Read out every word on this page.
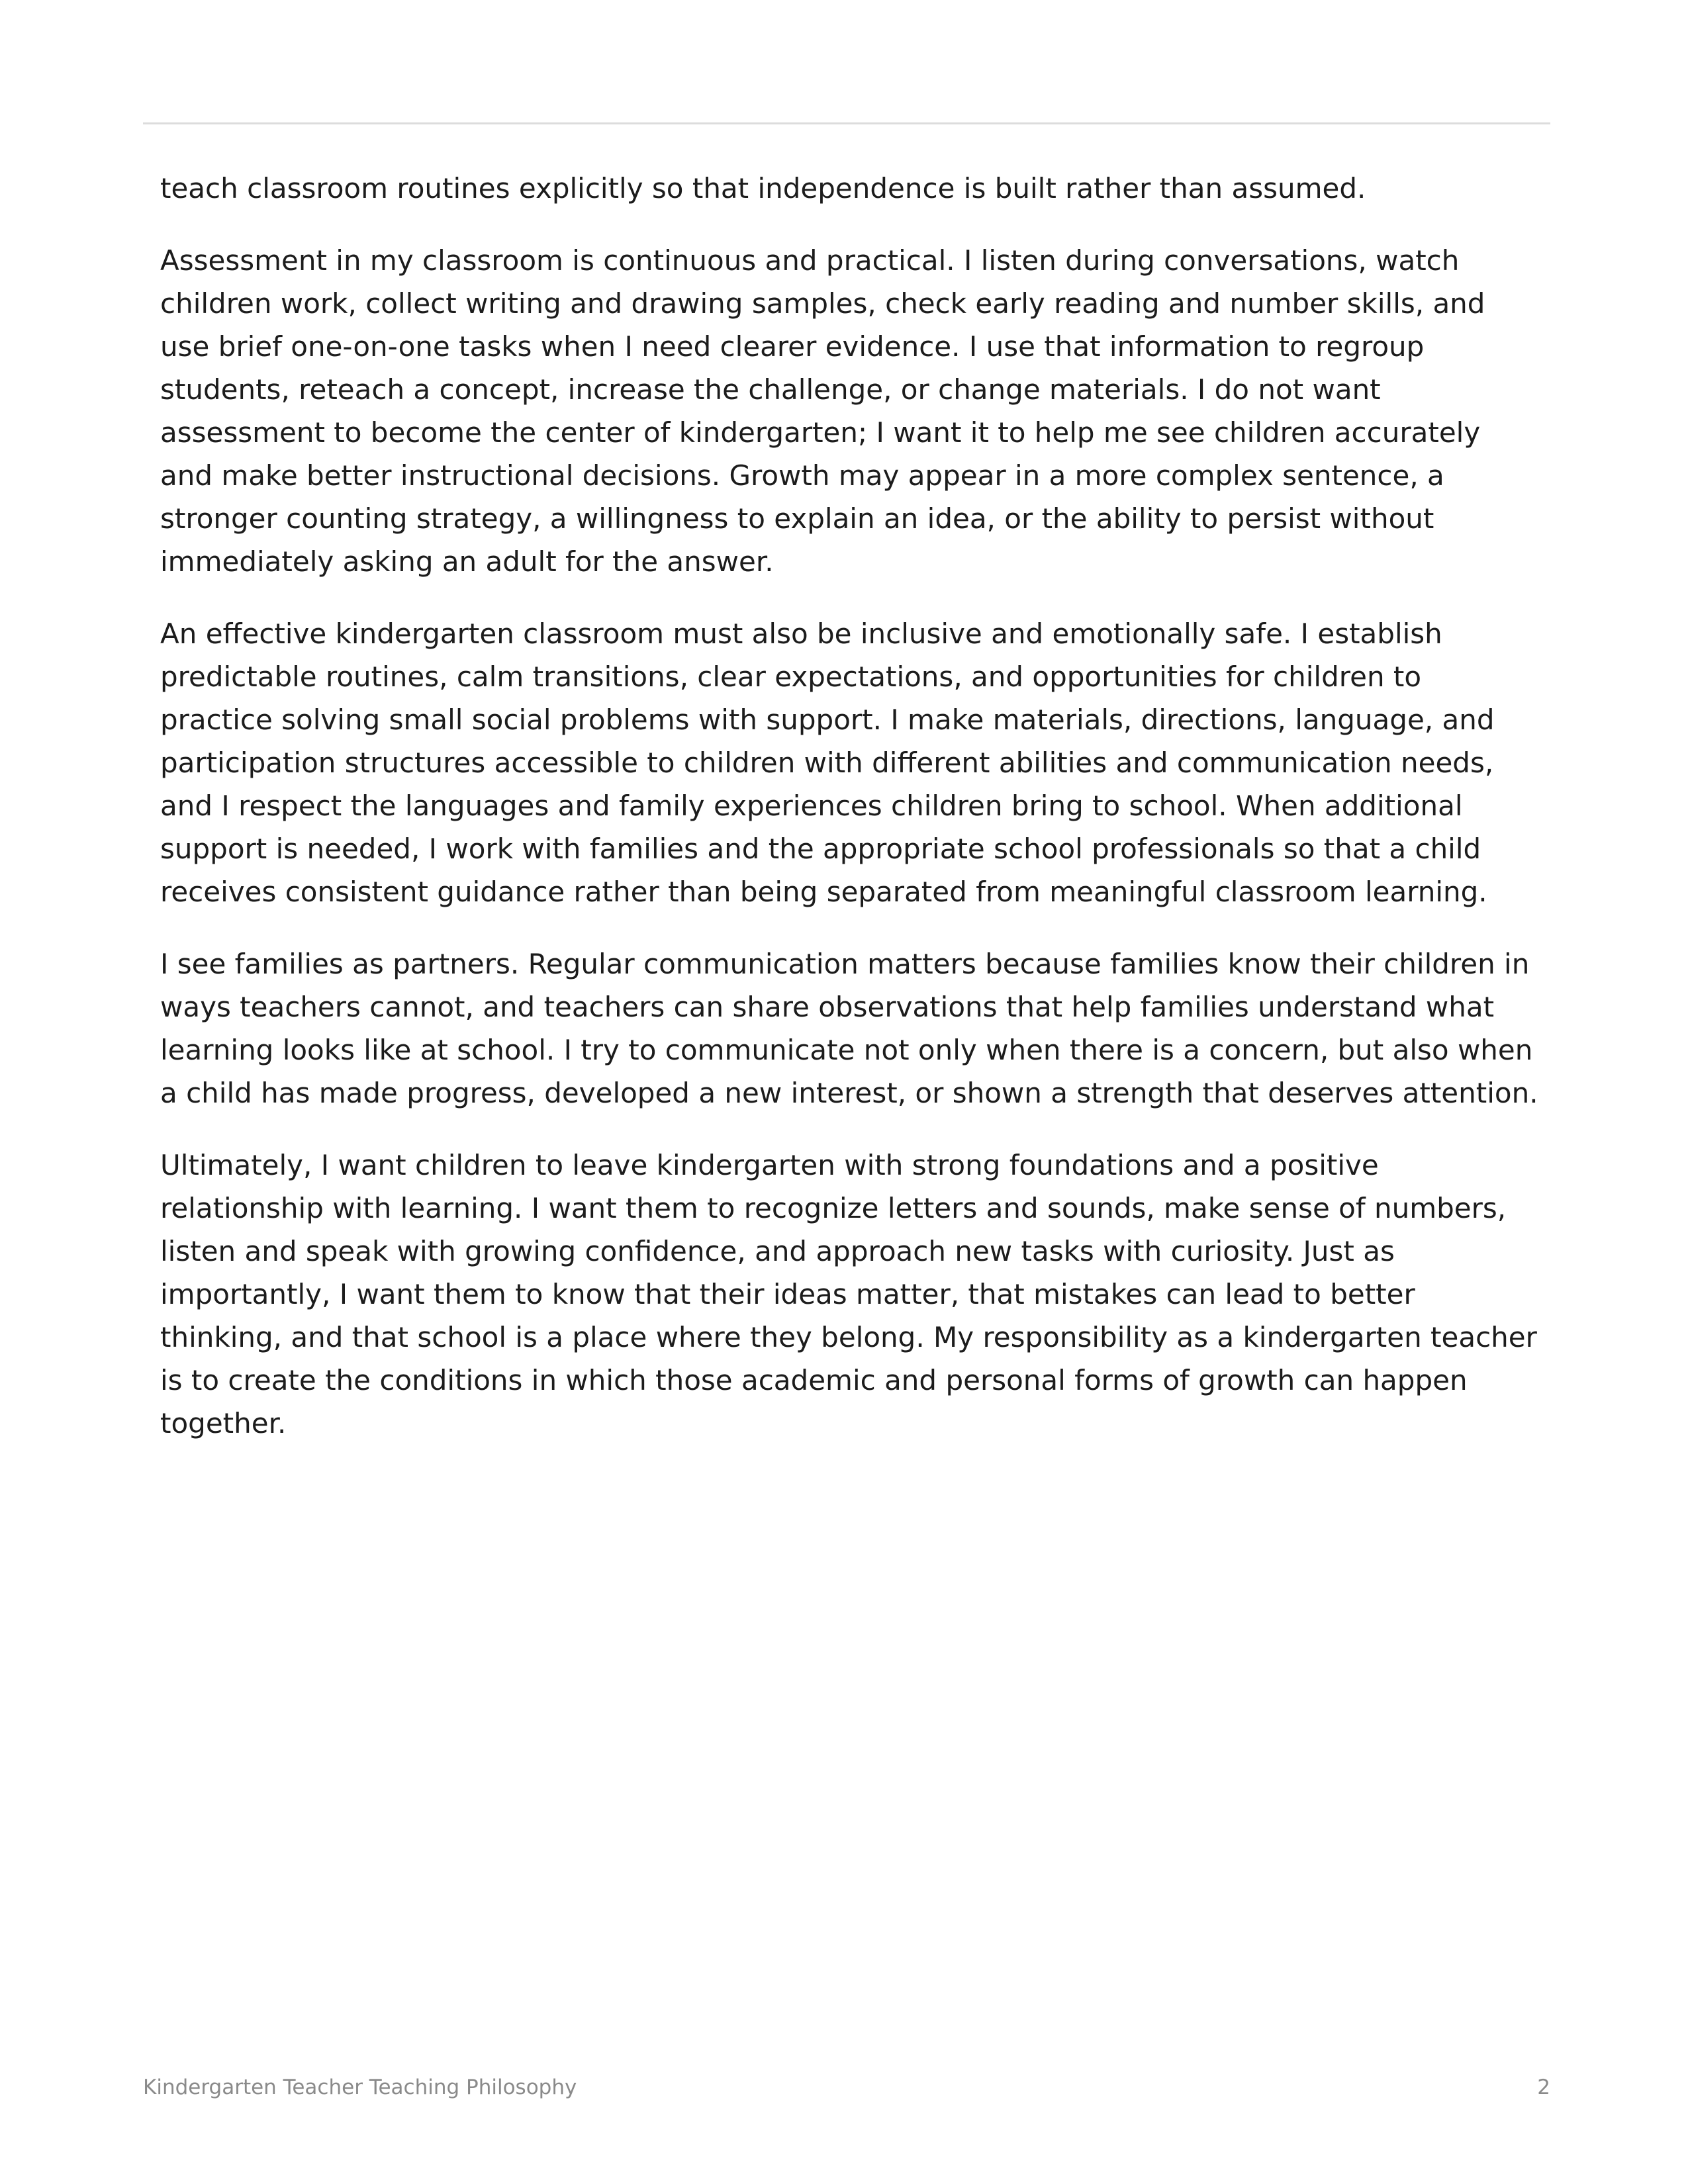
teach classroom routines explicitly so that independence is built rather than assumed.

Assessment in my classroom is continuous and practical. I listen during conversations, watch children work, collect writing and drawing samples, check early reading and number skills, and use brief one-on-one tasks when I need clearer evidence. I use that information to regroup students, reteach a concept, increase the challenge, or change materials. I do not want assessment to become the center of kindergarten; I want it to help me see children accurately and make better instructional decisions. Growth may appear in a more complex sentence, a stronger counting strategy, a willingness to explain an idea, or the ability to persist without immediately asking an adult for the answer.

An effective kindergarten classroom must also be inclusive and emotionally safe. I establish predictable routines, calm transitions, clear expectations, and opportunities for children to practice solving small social problems with support. I make materials, directions, language, and participation structures accessible to children with different abilities and communication needs, and I respect the languages and family experiences children bring to school. When additional support is needed, I work with families and the appropriate school professionals so that a child receives consistent guidance rather than being separated from meaningful classroom learning.

I see families as partners. Regular communication matters because families know their children in ways teachers cannot, and teachers can share observations that help families understand what learning looks like at school. I try to communicate not only when there is a concern, but also when a child has made progress, developed a new interest, or shown a strength that deserves attention.

Ultimately, I want children to leave kindergarten with strong foundations and a positive relationship with learning. I want them to recognize letters and sounds, make sense of numbers, listen and speak with growing confidence, and approach new tasks with curiosity. Just as importantly, I want them to know that their ideas matter, that mistakes can lead to better thinking, and that school is a place where they belong. My responsibility as a kindergarten teacher is to create the conditions in which those academic and personal forms of growth can happen together.

Kindergarten Teacher Teaching Philosophy	2
